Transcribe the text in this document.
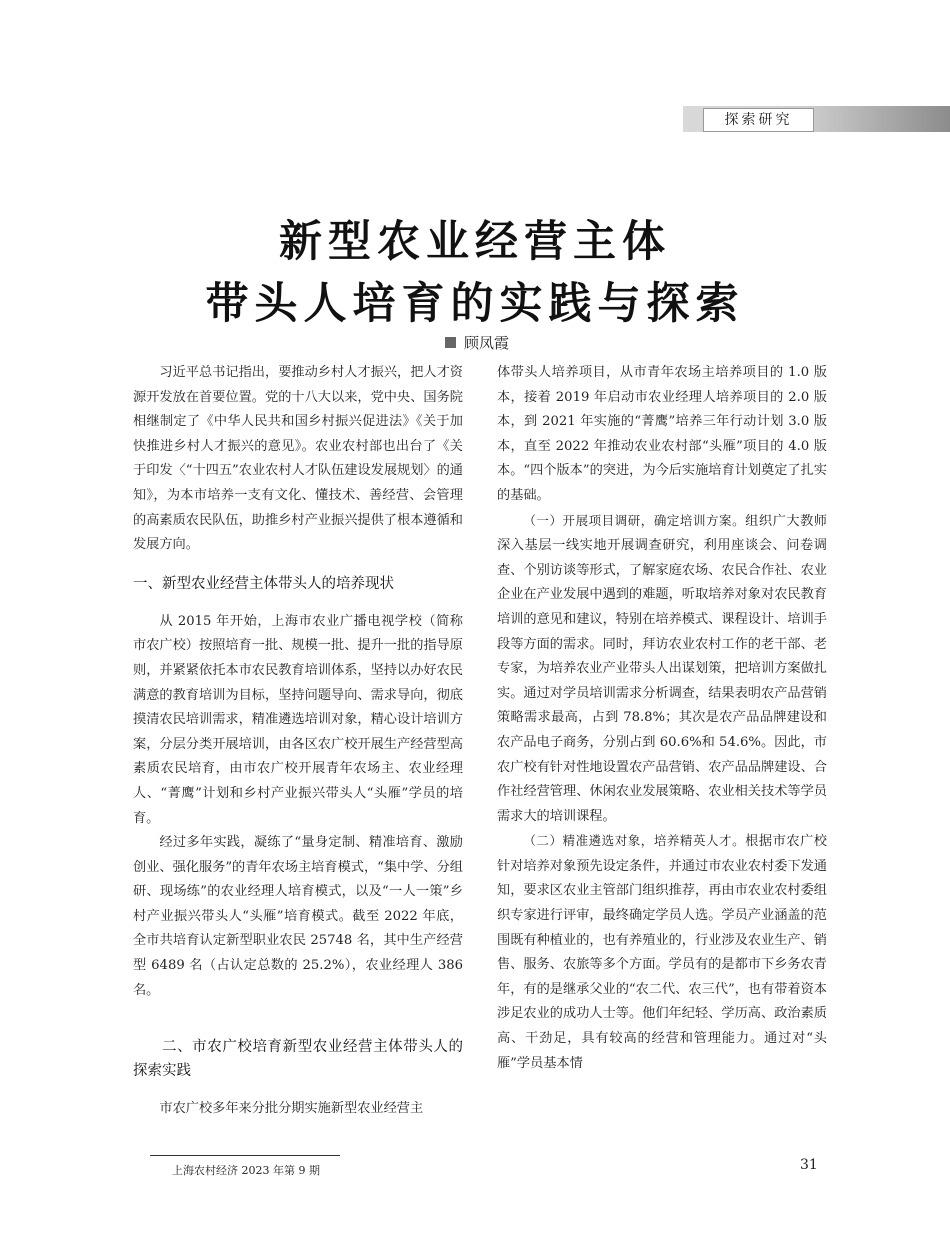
探索研究
新型农业经营主体
带头人培育的实践与探索
顾凤霞

习近平总书记指出，要推动乡村人才振兴，把人才资源开发放在首要位置。党的十八大以来，党中央、国务院相继制定了《中华人民共和国乡村振兴促进法》《关于加快推进乡村人才振兴的意见》。农业农村部也出台了《关于印发〈“十四五”农业农村人才队伍建设发展规划〉的通知》，为本市培养一支有文化、懂技术、善经营、会管理的高素质农民队伍，助推乡村产业振兴提供了根本遵循和发展方向。

一、新型农业经营主体带头人的培养现状

从 2015 年开始，上海市农业广播电视学校（简称市农广校）按照培育一批、规模一批、提升一批的指导原则，并紧紧依托本市农民教育培训体系，坚持以办好农民满意的教育培训为目标，坚持问题导向、需求导向，彻底摸清农民培训需求，精准遴选培训对象，精心设计培训方案，分层分类开展培训，由各区农广校开展生产经营型高素质农民培育，由市农广校开展青年农场主、农业经理人、“菁鹰”计划和乡村产业振兴带头人“头雁”学员的培育。

经过多年实践，凝练了“量身定制、精准培育、激励创业、强化服务”的青年农场主培育模式，“集中学、分组研、现场练”的农业经理人培育模式，以及“一人一策”乡村产业振兴带头人“头雁”培育模式。截至 2022 年底，全市共培育认定新型职业农民 25748 名，其中生产经营型 6489 名（占认定总数的 25.2%），农业经理人 386 名。

二、市农广校培育新型农业经营主体带头人的探索实践

市农广校多年来分批分期实施新型农业经营主

体带头人培养项目，从市青年农场主培养项目的 1.0 版本，接着 2019 年启动市农业经理人培养项目的 2.0 版本，到 2021 年实施的“菁鹰”培养三年行动计划 3.0 版本，直至 2022 年推动农业农村部“头雁”项目的 4.0 版本。“四个版本”的突进，为今后实施培育计划奠定了扎实的基础。

（一）开展项目调研，确定培训方案。组织广大教师深入基层一线实地开展调查研究，利用座谈会、问卷调查、个别访谈等形式，了解家庭农场、农民合作社、农业企业在产业发展中遇到的难题，听取培养对象对农民教育培训的意见和建议，特别在培养模式、课程设计、培训手段等方面的需求。同时，拜访农业农村工作的老干部、老专家，为培养农业产业带头人出谋划策，把培训方案做扎实。通过对学员培训需求分析调查，结果表明农产品营销策略需求最高，占到 78.8%；其次是农产品品牌建设和农产品电子商务，分别占到 60.6%和 54.6%。因此，市农广校有针对性地设置农产品营销、农产品品牌建设、合作社经营管理、休闲农业发展策略、农业相关技术等学员需求大的培训课程。

（二）精准遴选对象，培养精英人才。根据市农广校针对培养对象预先设定条件，并通过市农业农村委下发通知，要求区农业主管部门组织推荐，再由市农业农村委组织专家进行评审，最终确定学员人选。学员产业涵盖的范围既有种植业的，也有养殖业的，行业涉及农业生产、销售、服务、农旅等多个方面。学员有的是都市下乡务农青年，有的是继承父业的“农二代、农三代”，也有带着资本涉足农业的成功人士等。他们年纪轻、学历高、政治素质高、干劲足，具有较高的经营和管理能力。通过对“头雁”学员基本情

上海农村经济 2023 年第 9 期	31
